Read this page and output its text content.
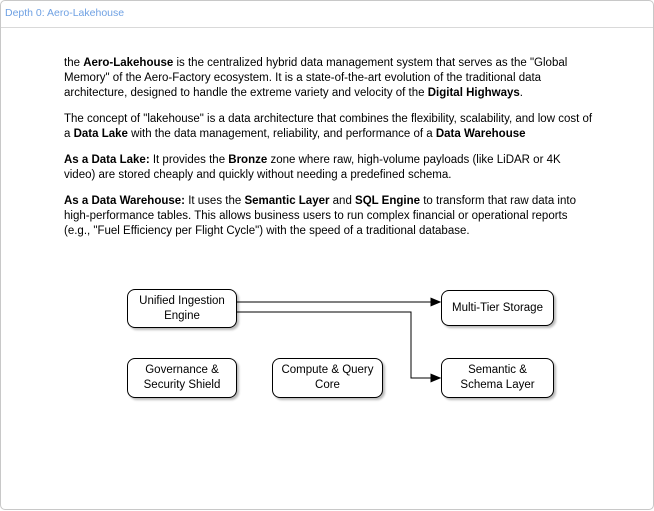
Depth 0: Aero-Lakehouse

the Aero-Lakehouse is the centralized hybrid data management system that serves as the "Global Memory" of the Aero-Factory ecosystem. It is a state-of-the-art evolution of the traditional data architecture, designed to handle the extreme variety and velocity of the Digital Highways.

The concept of "lakehouse" is a data architecture that combines the flexibility, scalability, and low cost of a Data Lake with the data management, reliability, and performance of a Data Warehouse

As a Data Lake: It provides the Bronze zone where raw, high-volume payloads (like LiDAR or 4K video) are stored cheaply and quickly without needing a predefined schema.

As a Data Warehouse: It uses the Semantic Layer and SQL Engine to transform that raw data into high-performance tables. This allows business users to run complex financial or operational reports (e.g., "Fuel Efficiency per Flight Cycle") with the speed of a traditional database.

Unified Ingestion
Engine
Multi-Tier Storage
Governance &
Security Shield
Compute & Query
Core
Semantic &
Schema Layer
